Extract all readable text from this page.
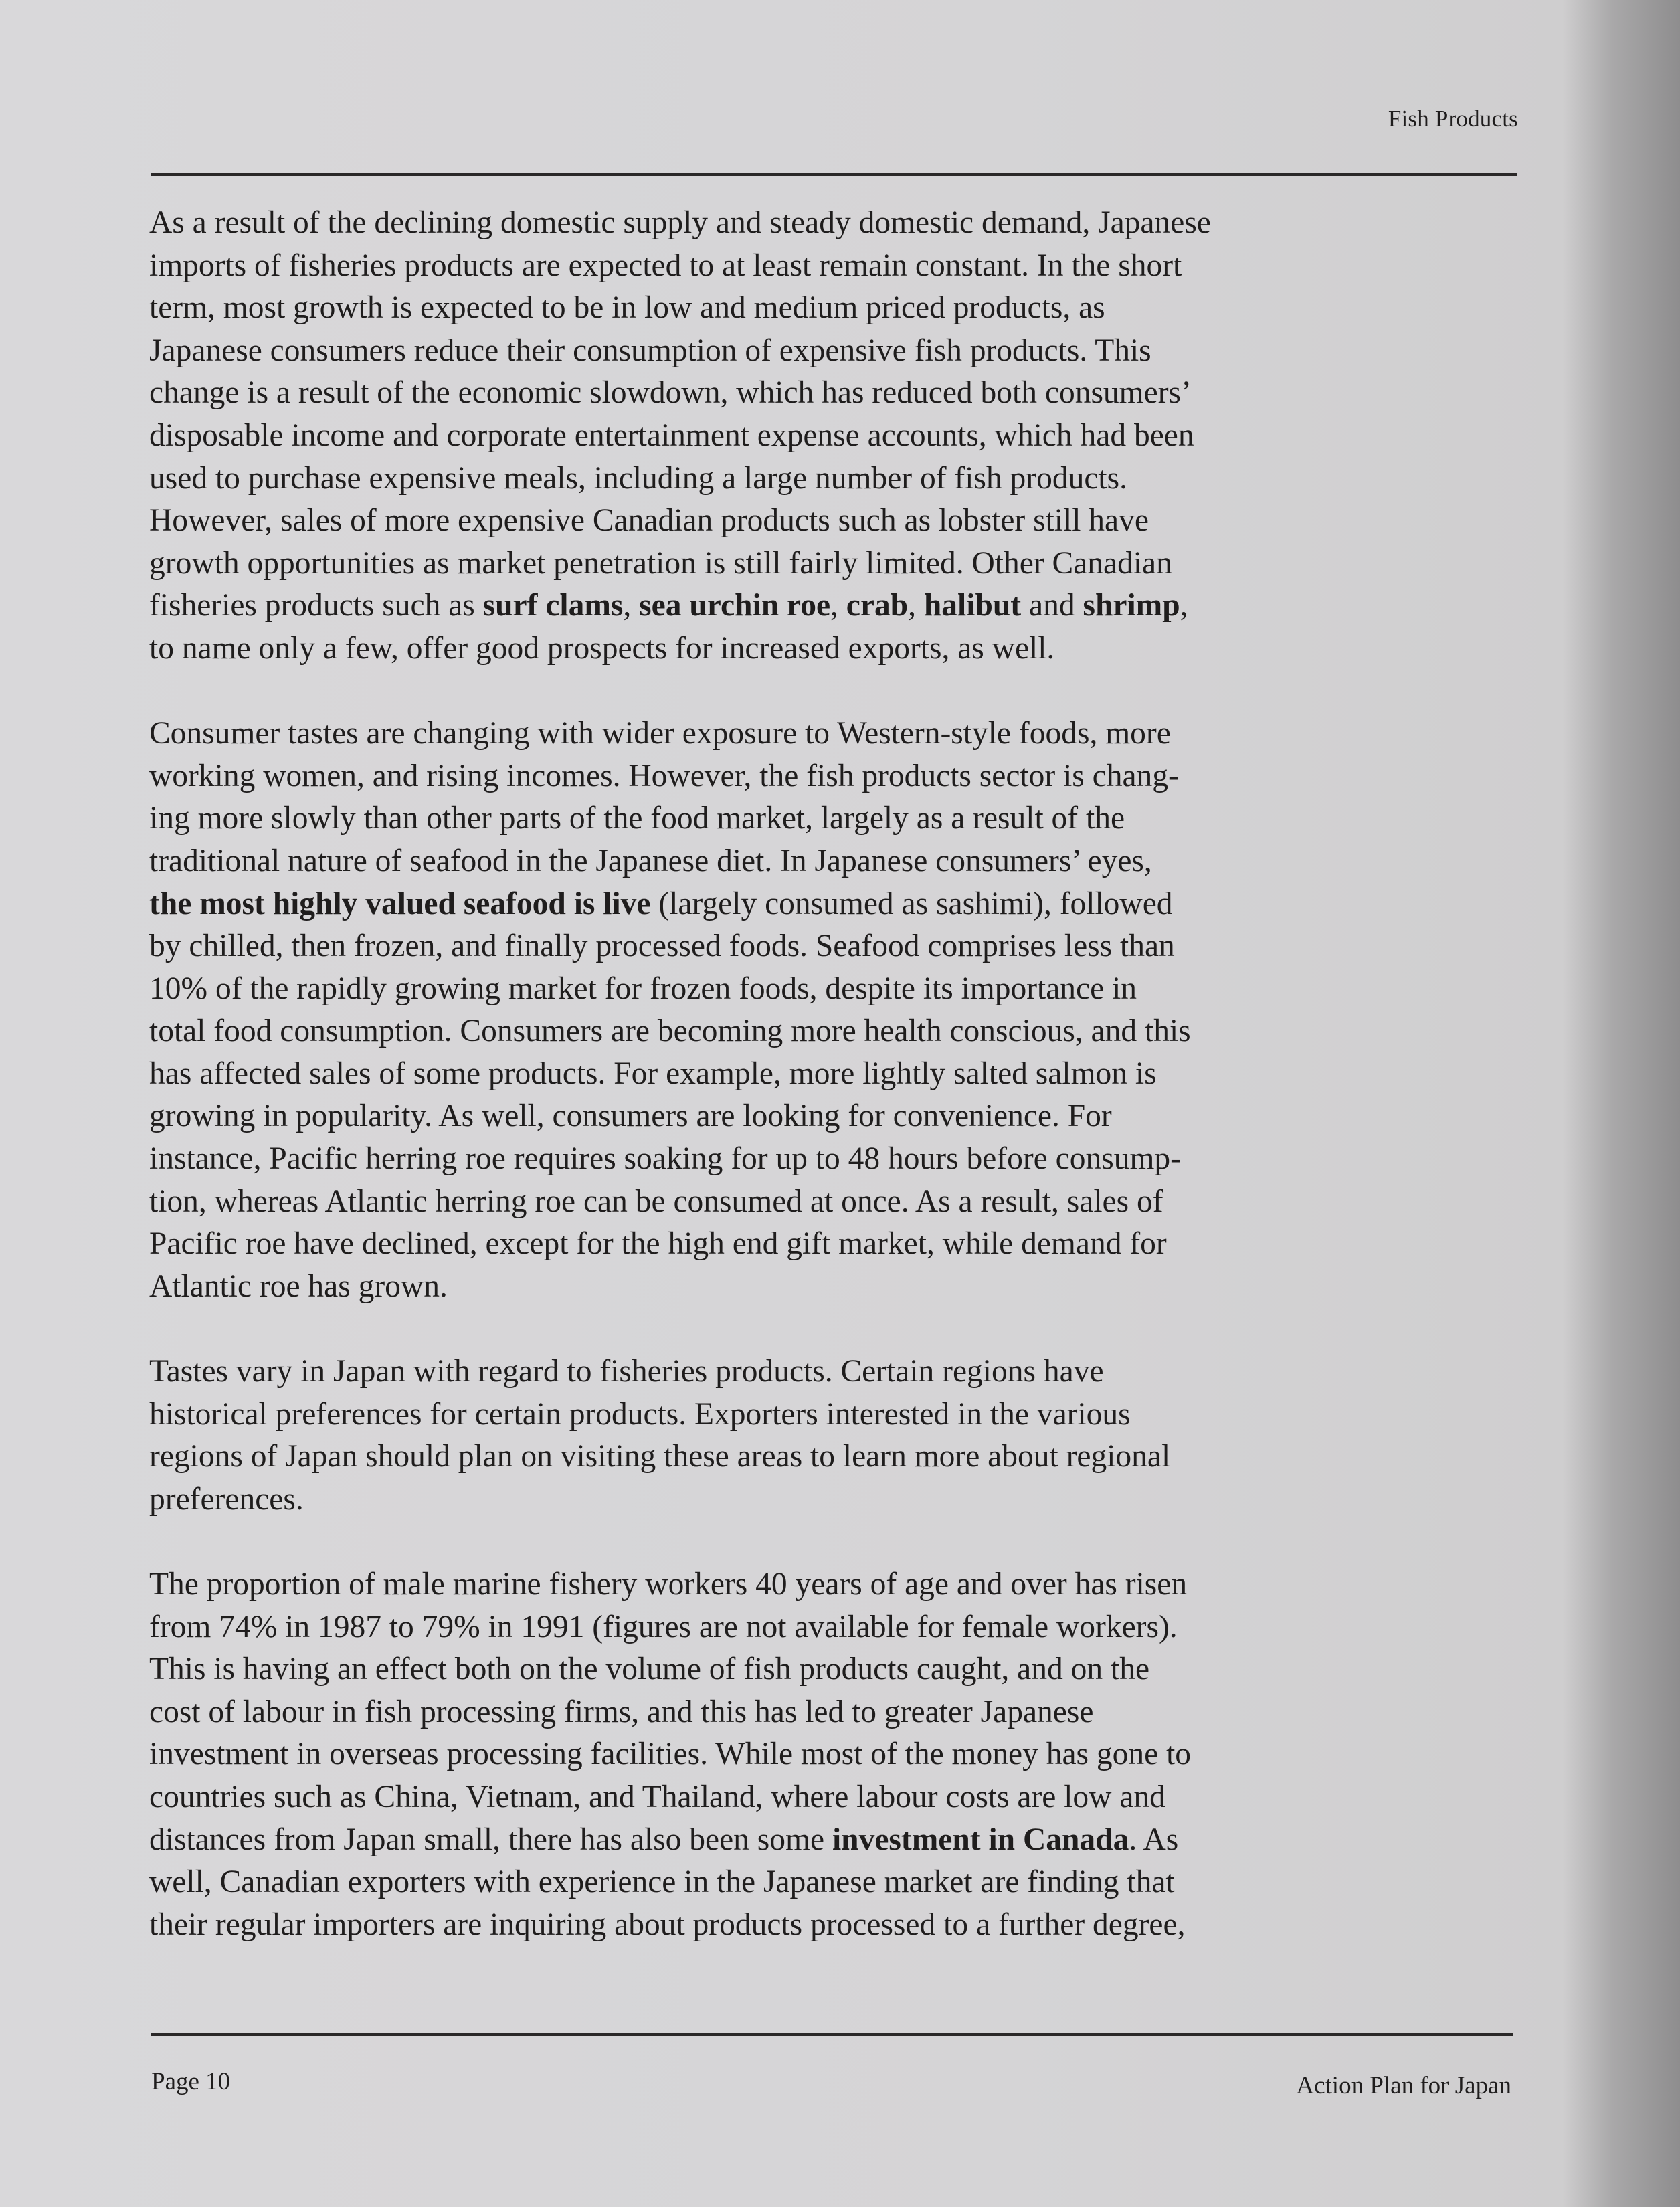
Fish Products
As a result of the declining domestic supply and steady domestic demand, Japanese
imports of fisheries products are expected to at least remain constant. In the short
term, most growth is expected to be in low and medium priced products, as
Japanese consumers reduce their consumption of expensive fish products. This
change is a result of the economic slowdown, which has reduced both consumers’
disposable income and corporate entertainment expense accounts, which had been
used to purchase expensive meals, including a large number of fish products.
However, sales of more expensive Canadian products such as lobster still have
growth opportunities as market penetration is still fairly limited. Other Canadian
fisheries products such as surf clams, sea urchin roe, crab, halibut and shrimp,
to name only a few, offer good prospects for increased exports, as well.
Consumer tastes are changing with wider exposure to Western-style foods, more
working women, and rising incomes. However, the fish products sector is chang-
ing more slowly than other parts of the food market, largely as a result of the
traditional nature of seafood in the Japanese diet. In Japanese consumers’ eyes,
the most highly valued seafood is live (largely consumed as sashimi), followed
by chilled, then frozen, and finally processed foods. Seafood comprises less than
10% of the rapidly growing market for frozen foods, despite its importance in
total food consumption. Consumers are becoming more health conscious, and this
has affected sales of some products. For example, more lightly salted salmon is
growing in popularity. As well, consumers are looking for convenience. For
instance, Pacific herring roe requires soaking for up to 48 hours before consump-
tion, whereas Atlantic herring roe can be consumed at once. As a result, sales of
Pacific roe have declined, except for the high end gift market, while demand for
Atlantic roe has grown.
Tastes vary in Japan with regard to fisheries products. Certain regions have
historical preferences for certain products. Exporters interested in the various
regions of Japan should plan on visiting these areas to learn more about regional
preferences.
The proportion of male marine fishery workers 40 years of age and over has risen
from 74% in 1987 to 79% in 1991 (figures are not available for female workers).
This is having an effect both on the volume of fish products caught, and on the
cost of labour in fish processing firms, and this has led to greater Japanese
investment in overseas processing facilities. While most of the money has gone to
countries such as China, Vietnam, and Thailand, where labour costs are low and
distances from Japan small, there has also been some investment in Canada. As
well, Canadian exporters with experience in the Japanese market are finding that
their regular importers are inquiring about products processed to a further degree,
Page 10	Action Plan for Japan
